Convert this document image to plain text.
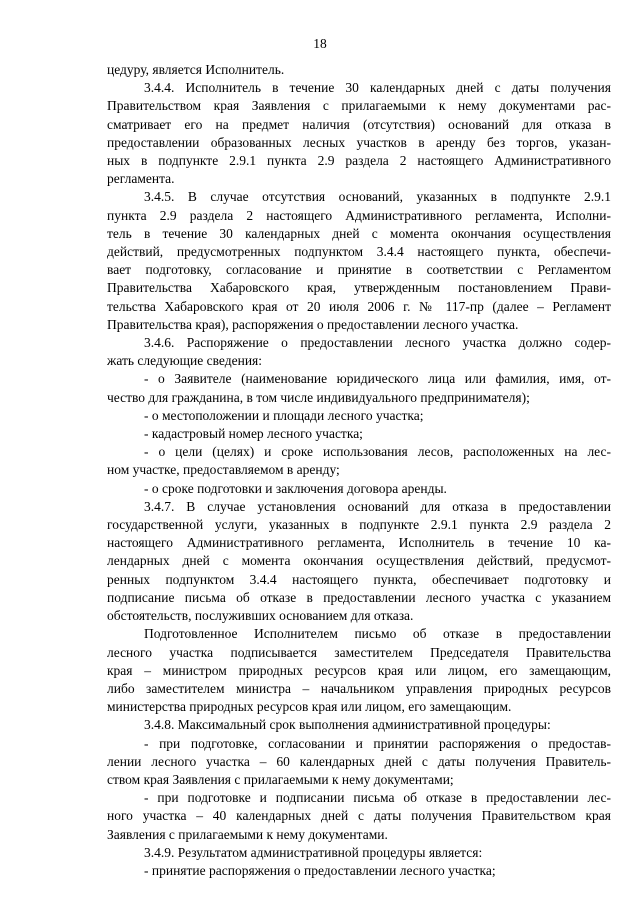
18
цедуру, является Исполнитель.
3.4.4. Исполнитель в течение 30 календарных дней с даты получения
Правительством края Заявления с прилагаемыми к нему документами рас-
сматривает его на предмет наличия (отсутствия) оснований для отказа в
предоставлении образованных лесных участков в аренду без торгов, указан-
ных в подпункте 2.9.1 пункта 2.9 раздела 2 настоящего Административного
регламента.
3.4.5. В случае отсутствия оснований, указанных в подпункте 2.9.1
пункта 2.9 раздела 2 настоящего Административного регламента, Исполни-
тель в течение 30 календарных дней с момента окончания осуществления
действий, предусмотренных подпунктом 3.4.4 настоящего пункта, обеспечи-
вает подготовку, согласование и принятие в соответствии с Регламентом
Правительства Хабаровского края, утвержденным постановлением Прави-
тельства Хабаровского края от 20 июля 2006 г. № 117-пр (далее – Регламент
Правительства края), распоряжения о предоставлении лесного участка.
3.4.6. Распоряжение о предоставлении лесного участка должно содер-
жать следующие сведения:
- о Заявителе (наименование юридического лица или фамилия, имя, от-
чество для гражданина, в том числе индивидуального предпринимателя);
- о местоположении и площади лесного участка;
- кадастровый номер лесного участка;
- о цели (целях) и сроке использования лесов, расположенных на лес-
ном участке, предоставляемом в аренду;
- о сроке подготовки и заключения договора аренды.
3.4.7. В случае установления оснований для отказа в предоставлении
государственной услуги, указанных в подпункте 2.9.1 пункта 2.9 раздела 2
настоящего Административного регламента, Исполнитель в течение 10 ка-
лендарных дней с момента окончания осуществления действий, предусмот-
ренных подпунктом 3.4.4 настоящего пункта, обеспечивает подготовку и
подписание письма об отказе в предоставлении лесного участка с указанием
обстоятельств, послуживших основанием для отказа.
Подготовленное Исполнителем письмо об отказе в предоставлении
лесного участка подписывается заместителем Председателя Правительства
края – министром природных ресурсов края или лицом, его замещающим,
либо заместителем министра – начальником управления природных ресурсов
министерства природных ресурсов края или лицом, его замещающим.
3.4.8. Максимальный срок выполнения административной процедуры:
- при подготовке, согласовании и принятии распоряжения о предостав-
лении лесного участка – 60 календарных дней с даты получения Правитель-
ством края Заявления с прилагаемыми к нему документами;
- при подготовке и подписании письма об отказе в предоставлении лес-
ного участка – 40 календарных дней с даты получения Правительством края
Заявления с прилагаемыми к нему документами.
3.4.9. Результатом административной процедуры является:
- принятие распоряжения о предоставлении лесного участка;
